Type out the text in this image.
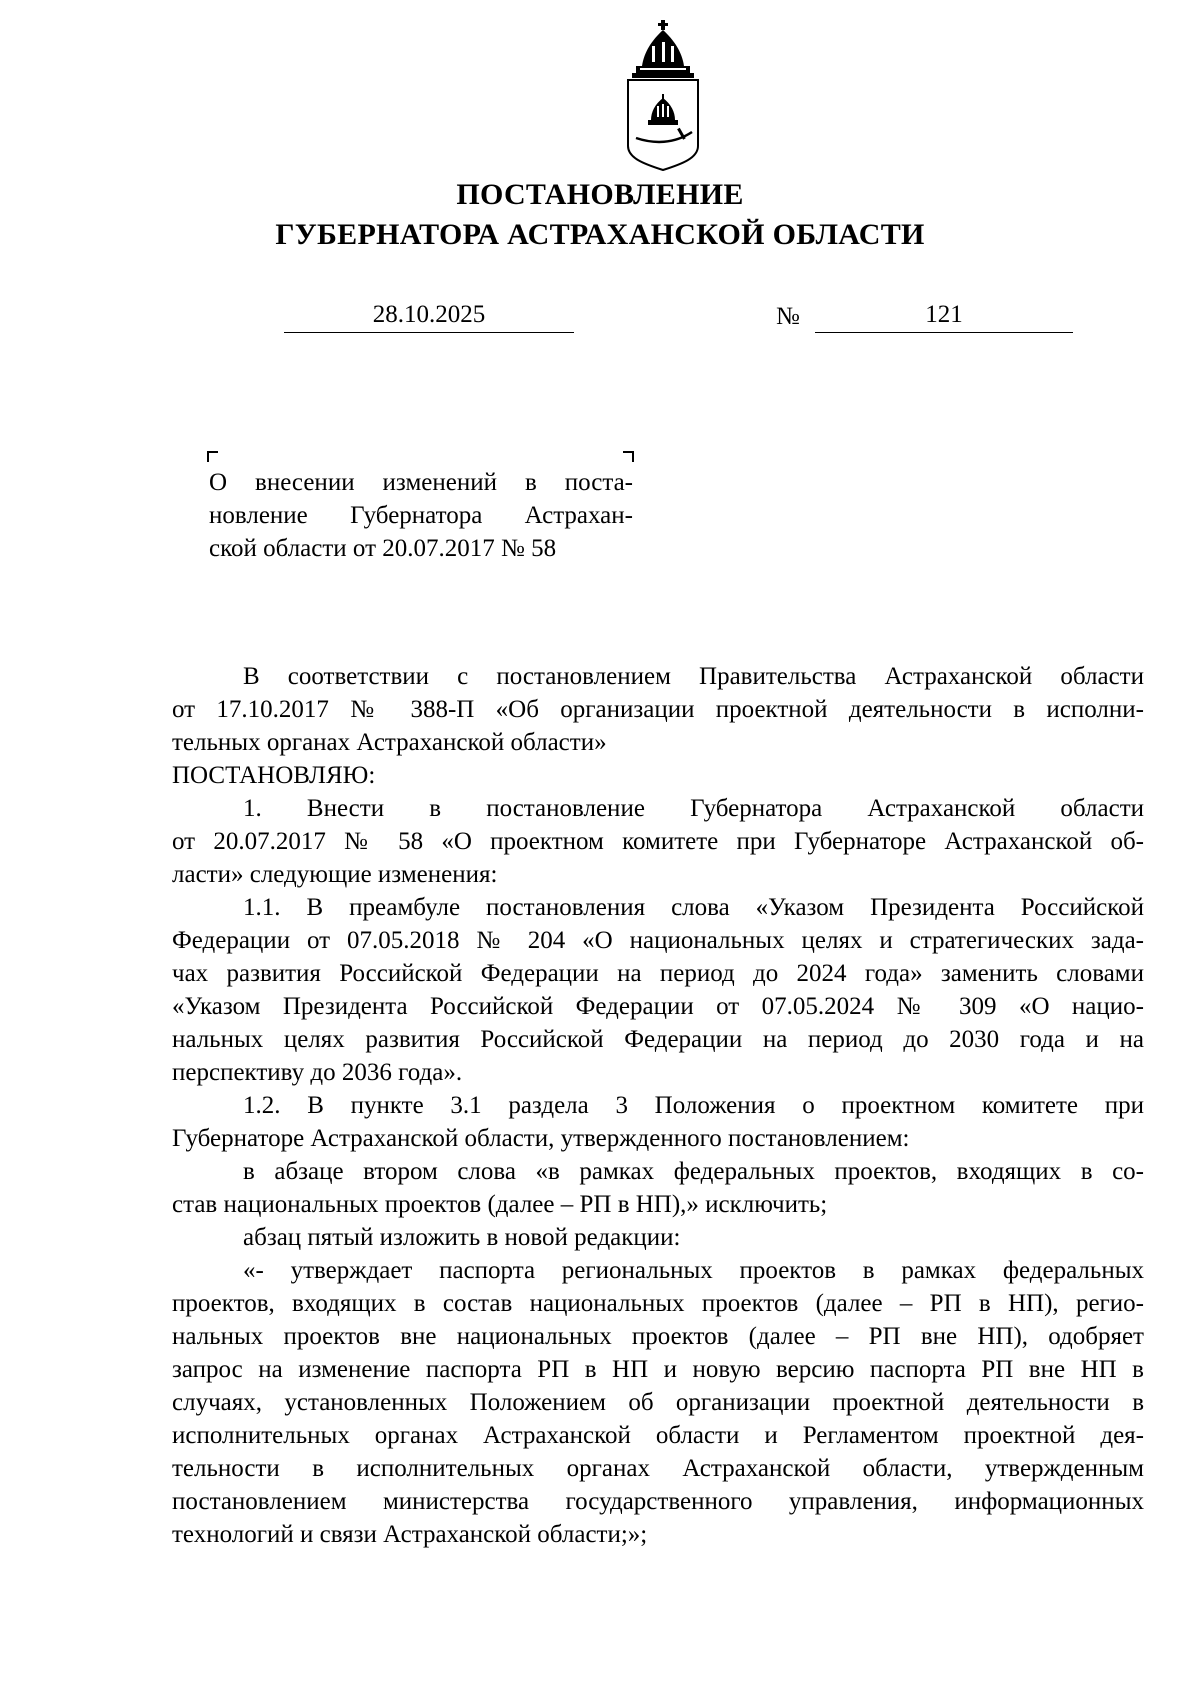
ПОСТАНОВЛЕНИЕ
ГУБЕРНАТОРА АСТРАХАНСКОЙ ОБЛАСТИ
28.10.2025	№	121
О внесении изменений в поста-
новление Губернатора Астрахан-
ской области от 20.07.2017 № 58
В соответствии с постановлением Правительства Астраханской области
от 17.10.2017 № 388-П «Об организации проектной деятельности в исполни-
тельных органах Астраханской области»
ПОСТАНОВЛЯЮ:
1. Внести в постановление Губернатора Астраханской области
от 20.07.2017 № 58 «О проектном комитете при Губернаторе Астраханской об-
ласти» следующие изменения:
1.1. В преамбуле постановления слова «Указом Президента Российской
Федерации от 07.05.2018 № 204 «О национальных целях и стратегических зада-
чах развития Российской Федерации на период до 2024 года» заменить словами
«Указом Президента Российской Федерации от 07.05.2024 № 309 «О нацио-
нальных целях развития Российской Федерации на период до 2030 года и на
перспективу до 2036 года».
1.2. В пункте 3.1 раздела 3 Положения о проектном комитете при
Губернаторе Астраханской области, утвержденного постановлением:
в абзаце втором слова «в рамках федеральных проектов, входящих в со-
став национальных проектов (далее – РП в НП),» исключить;
абзац пятый изложить в новой редакции:
«- утверждает паспорта региональных проектов в рамках федеральных
проектов, входящих в состав национальных проектов (далее – РП в НП), регио-
нальных проектов вне национальных проектов (далее – РП вне НП), одобряет
запрос на изменение паспорта РП в НП и новую версию паспорта РП вне НП в
случаях, установленных Положением об организации проектной деятельности в
исполнительных органах Астраханской области и Регламентом проектной дея-
тельности в исполнительных органах Астраханской области, утвержденным
постановлением министерства государственного управления, информационных
технологий и связи Астраханской области;»;
